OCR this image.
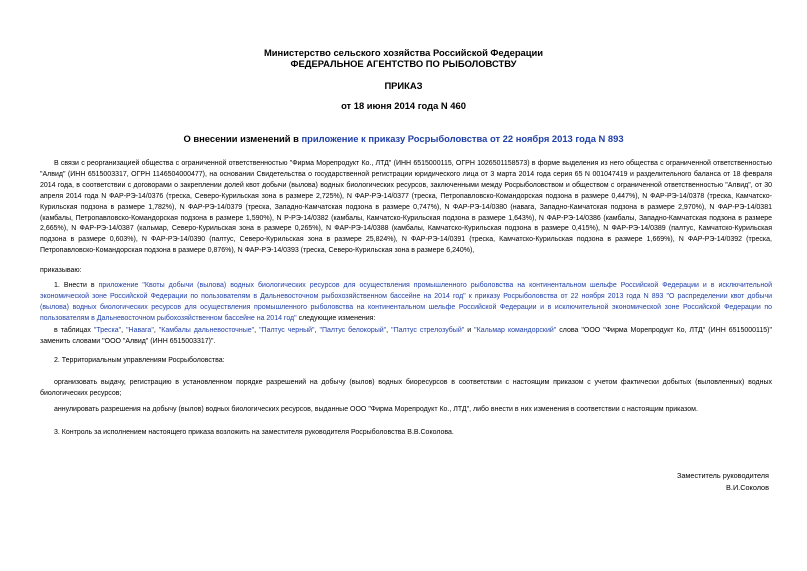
Министерство сельского хозяйства Российской Федерации
ФЕДЕРАЛЬНОЕ АГЕНТСТВО ПО РЫБОЛОВСТВУ
ПРИКАЗ
от 18 июня 2014 года N 460
О внесении изменений в приложение к приказу Росрыболовства от 22 ноября 2013 года N 893

В связи с реорганизацией общества с ограниченной ответственностью "Фирма Морепродукт Ко., ЛТД" (ИНН 6515000115, ОГРН 1026501158573) в форме выделения из него общества с ограниченной ответственностью "Алвид" (ИНН 6515003317, ОГРН 1146504000477), на основании Свидетельства о государственной регистрации юридического лица от 3 марта 2014 года серия 65 N 001047419 и разделительного баланса от 18 февраля 2014 года, в соответствии с договорами о закреплении долей квот добычи (вылова) водных биологических ресурсов, заключенными между Росрыболовством и обществом с ограниченной ответственностью "Алвид", от 30 апреля 2014 года N ФАР-РЭ-14/0376 (треска, Северо-Курильская зона в размере 2,725%), N ФАР-РЭ-14/0377 (треска, Петропавловско-Командорская подзона в размере 0,447%), N ФАР-РЭ-14/0378 (треска, Камчатско-Курильская подзона в размере 1,782%), N ФАР-РЭ-14/0379 (треска, Западно-Камчатская подзона в размере 0,747%), N ФАР-РЭ-14/0380 (навага, Западно-Камчатская подзона в размере 2,970%), N ФАР-РЭ-14/0381 (камбалы, Петропавловско-Командорская подзона в размере 1,590%), N Р-РЭ-14/0382 (камбалы, Камчатско-Курильская подзона в размере 1,643%), N ФАР-РЭ-14/0386 (камбалы, Западно-Камчатская подзона в размере 2,665%), N ФАР-РЭ-14/0387 (кальмар, Северо-Курильская зона в размере 0,265%), N ФАР-РЭ-14/0388 (камбалы, Камчатско-Курильская подзона в размере 0,415%), N ФАР-РЭ-14/0389 (палтус, Камчатско-Курильская подзона в размере 0,603%), N ФАР-РЭ-14/0390 (палтус, Северо-Курильская зона в размере 25,824%), N ФАР-РЭ-14/0391 (треска, Камчатско-Курильская подзона в размере 1,669%), N ФАР-РЭ-14/0392 (треска, Петропавловско-Командорская подзона в размере 0,876%), N ФАР-РЭ-14/0393 (треска, Северо-Курильская зона в размере 6,240%),

приказываю:

1. Внести в приложение "Квоты добычи (вылова) водных биологических ресурсов для осуществления промышленного рыболовства на континентальном шельфе Российской Федерации и в исключительной экономической зоне Российской Федерации по пользователям в Дальневосточном рыбохозяйственном бассейне на 2014 год" к приказу Росрыболовства от 22 ноября 2013 года N 893 "О распределении квот добычи (вылова) водных биологических ресурсов для осуществления промышленного рыболовства на континентальном шельфе Российской Федерации и в исключительной экономической зоне Российской Федерации по пользователям в Дальневосточном рыбохозяйственном бассейне на 2014 год" следующие изменения:

в таблицах "Треска", "Навага", "Камбалы дальневосточные", "Палтус черный", "Палтус белокорый", "Палтус стрелозубый" и "Кальмар командорский" слова "ООО "Фирма Морепродукт Ко, ЛТД" (ИНН 6515000115)" заменить словами "ООО "Алвид" (ИНН 6515003317)".

2. Территориальным управлениям Росрыболовства:

организовать выдачу, регистрацию в установленном порядке разрешений на добычу (вылов) водных биоресурсов в соответствии с настоящим приказом с учетом фактически добытых (выловленных) водных биологических ресурсов;

аннулировать разрешения на добычу (вылов) водных биологических ресурсов, выданные ООО "Фирма Морепродукт Ко., ЛТД", либо внести в них изменения в соответствии с настоящим приказом.

3. Контроль за исполнением настоящего приказа возложить на заместителя руководителя Росрыболовства В.В.Соколова.

Заместитель руководителя
В.И.Соколов
